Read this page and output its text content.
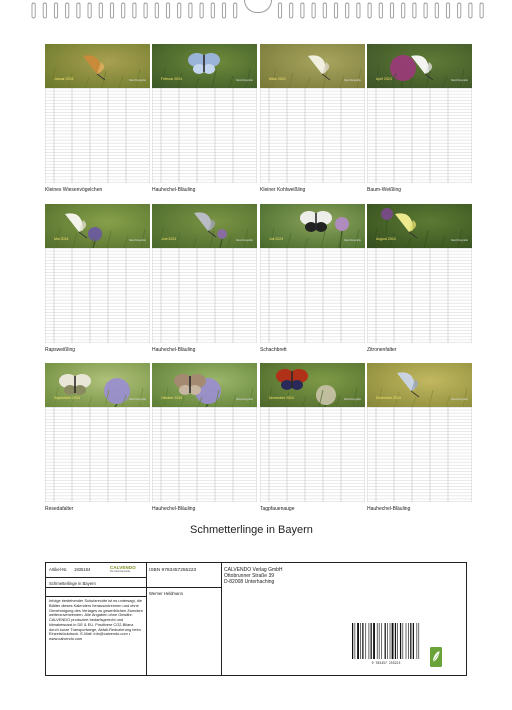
Januar 2024	Naturfotografie
Kleines Wiesenvögelchen
Februar 2024	Naturfotografie
Hauhechel-Bläuling
März 2024	Naturfotografie
Kleiner Kohlweißling
April 2024	Naturfotografie
Baum-Weißling
Mai 2024	Naturfotografie
Rapsweißling
Juni 2024	Naturfotografie
Hauhechel-Bläuling
Juli 2024	Naturfotografie
Schachbrett
August 2024	Naturfotografie
Zitronenfalter
September 2024	Naturfotografie
Resedafalter
Oktober 2024	Naturfotografie
Hauhechel-Bläuling
November 2024	Naturfotografie
Tagpfauenauge
Dezember 2024	Naturfotografie
Hauhechel-Bläuling
Schmetterlinge in Bayern
Artikel-Nr. 1935184	CALVENDO
Die Kalendermarke
Schmetterlinge in Bayern
Infolge bestehender Schutzrechte ist es untersagt, die Blätter dieses Kalenders herauszutrennen und ohne Genehmigung des Verlages zu gewerblichen Zwecken weiterzuverwenden. Alle Angaben ohne Gewähr. CALVENDO produziert bedarfsgerecht und klimabewusst in DE & EU. Positivere CO2-Bilanz durch kurze Transportwege, Abfall-Reduzierung beim Einzelstückdruck. E-Mail: info@calvendo.com • www.calvendo.com
ISBN 9783457255223
Werner Heldmann
CALVENDO Verlag GmbH
Ottobrunner Straße 39
D-82008 Unterhaching
9 783457 255223
